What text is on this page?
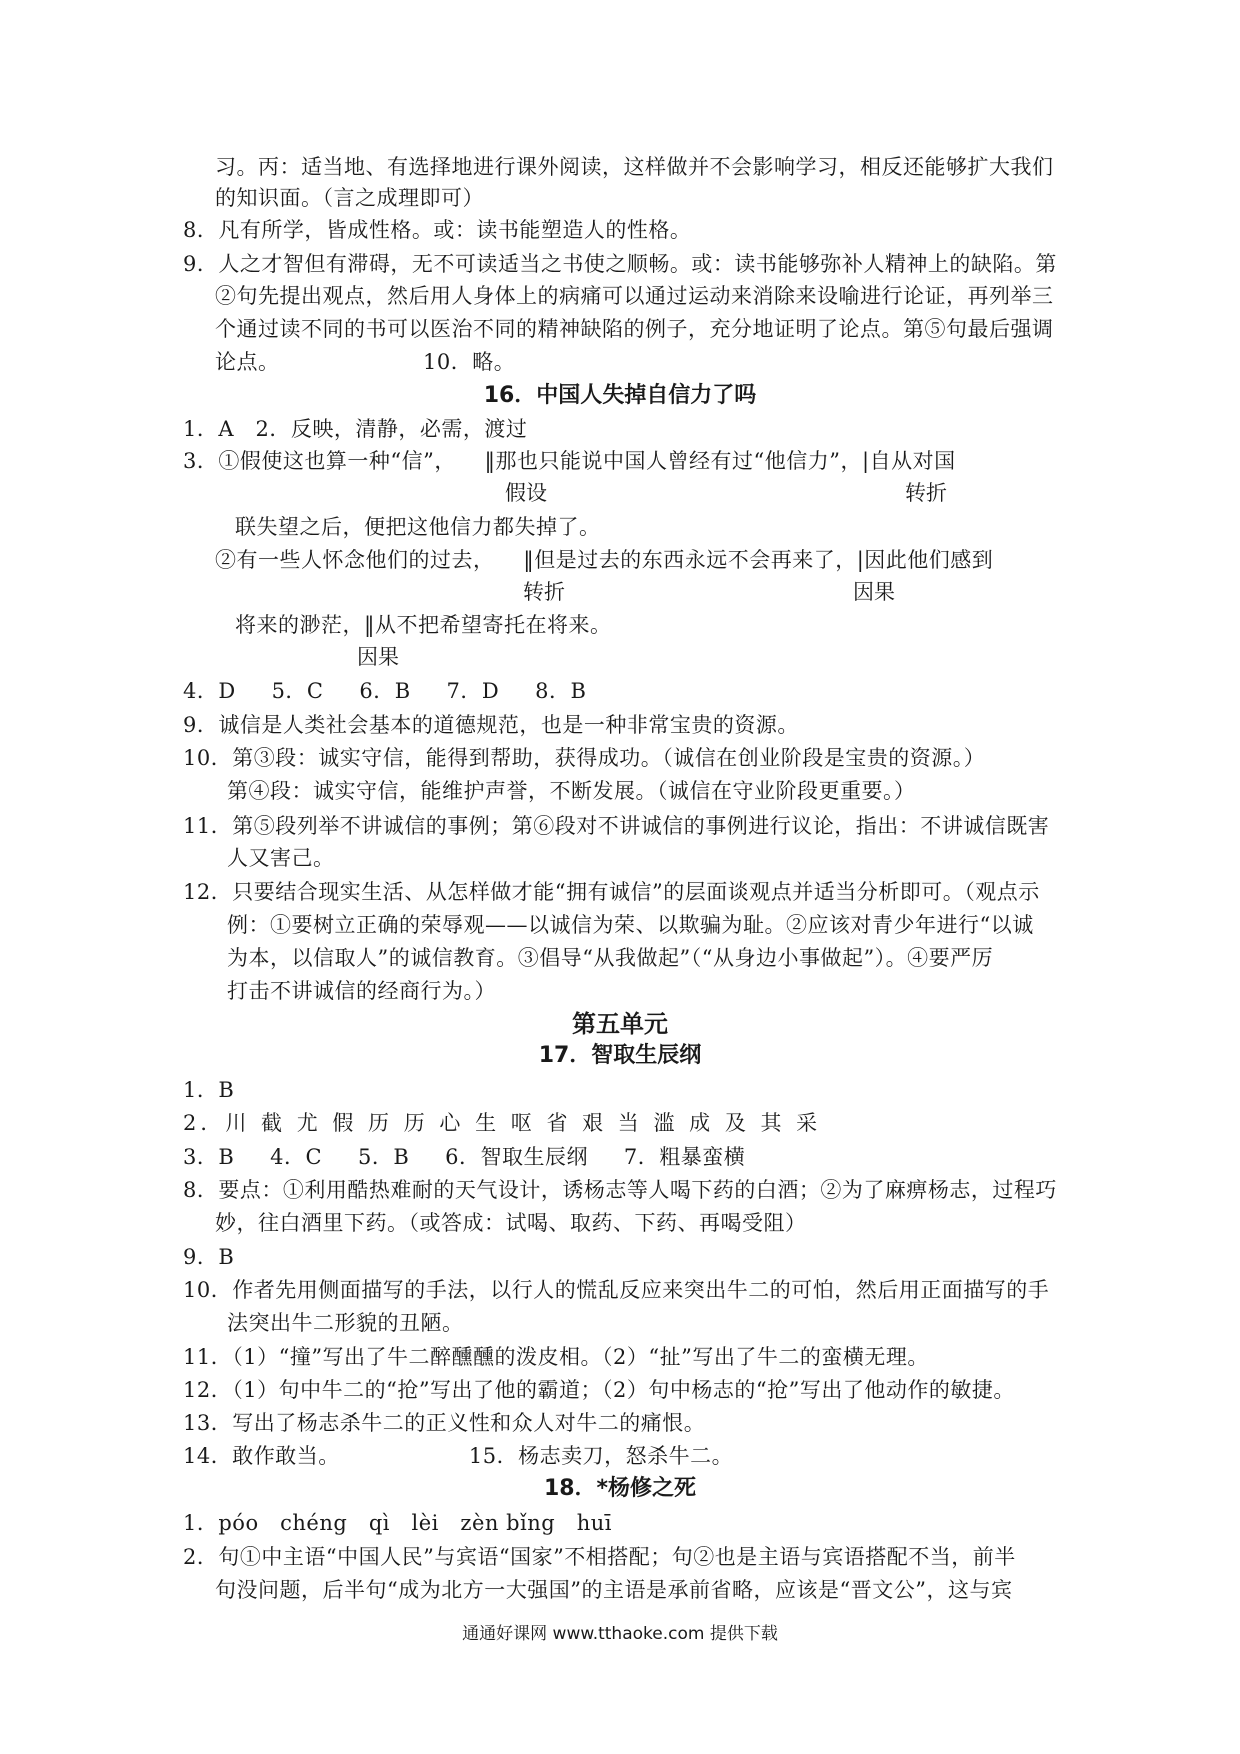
习。丙：适当地、有选择地进行课外阅读，这样做并不会影响学习，相反还能够扩大我们
的知识面。（言之成理即可）
8．凡有所学，皆成性格。或：读书能塑造人的性格。
9．人之才智但有滞碍，无不可读适当之书使之顺畅。或：读书能够弥补人精神上的缺陷。第
②句先提出观点，然后用人身体上的病痛可以通过运动来消除来设喻进行论证，再列举三
个通过读不同的书可以医治不同的精神缺陷的例子，充分地证明了论点。第⑤句最后强调
论点。                    10．略。
16．中国人失掉自信力了吗
1．A   2．反映，清静，必需，渡过
3．①假使这也算一种“信”，    ‖那也只能说中国人曾经有过“他信力”，|自从对国
假设	转折
联失望之后，便把这他信力都失掉了。
②有一些人怀念他们的过去，    ‖但是过去的东西永远不会再来了，|因此他们感到
转折	因果
将来的渺茫，‖从不把希望寄托在将来。
因果
4．D     5．C     6．B     7．D     8．B
9．诚信是人类社会基本的道德规范，也是一种非常宝贵的资源。
10．第③段：诚实守信，能得到帮助，获得成功。（诚信在创业阶段是宝贵的资源。）
第④段：诚实守信，能维护声誉，不断发展。（诚信在守业阶段更重要。）
11．第⑤段列举不讲诚信的事例；第⑥段对不讲诚信的事例进行议论，指出：不讲诚信既害
人又害己。
12．只要结合现实生活、从怎样做才能“拥有诚信”的层面谈观点并适当分析即可。（观点示
例：①要树立正确的荣辱观——以诚信为荣、以欺骗为耻。②应该对青少年进行“以诚
为本，以信取人”的诚信教育。③倡导“从我做起”（“从身边小事做起”）。④要严厉
打击不讲诚信的经商行为。）
第五单元
17．智取生辰纲
1．B
2．川 截 尤 假 历 历 心 生 呕 省 艰 当 滥 成 及 其 采
3．B     4．C     5．B     6．智取生辰纲     7．粗暴蛮横
8．要点：①利用酷热难耐的天气设计，诱杨志等人喝下药的白酒；②为了麻痹杨志，过程巧
妙，往白酒里下药。（或答成：试喝、取药、下药、再喝受阻）
9．B
10．作者先用侧面描写的手法，以行人的慌乱反应来突出牛二的可怕，然后用正面描写的手
法突出牛二形貌的丑陋。
11．（1）“撞”写出了牛二醉醺醺的泼皮相。（2）“扯”写出了牛二的蛮横无理。
12．（1）句中牛二的“抢”写出了他的霸道；（2）句中杨志的“抢”写出了他动作的敏捷。
13．写出了杨志杀牛二的正义性和众人对牛二的痛恨。
14．敢作敢当。                  15．杨志卖刀，怒杀牛二。
18．*杨修之死
1．póo   chéng   qì   lèi   zèn bǐng   huī
2．句①中主语“中国人民”与宾语“国家”不相搭配；句②也是主语与宾语搭配不当，前半
句没问题，后半句“成为北方一大强国”的主语是承前省略，应该是“晋文公”，这与宾
通通好课网 www.tthaoke.com 提供下载
